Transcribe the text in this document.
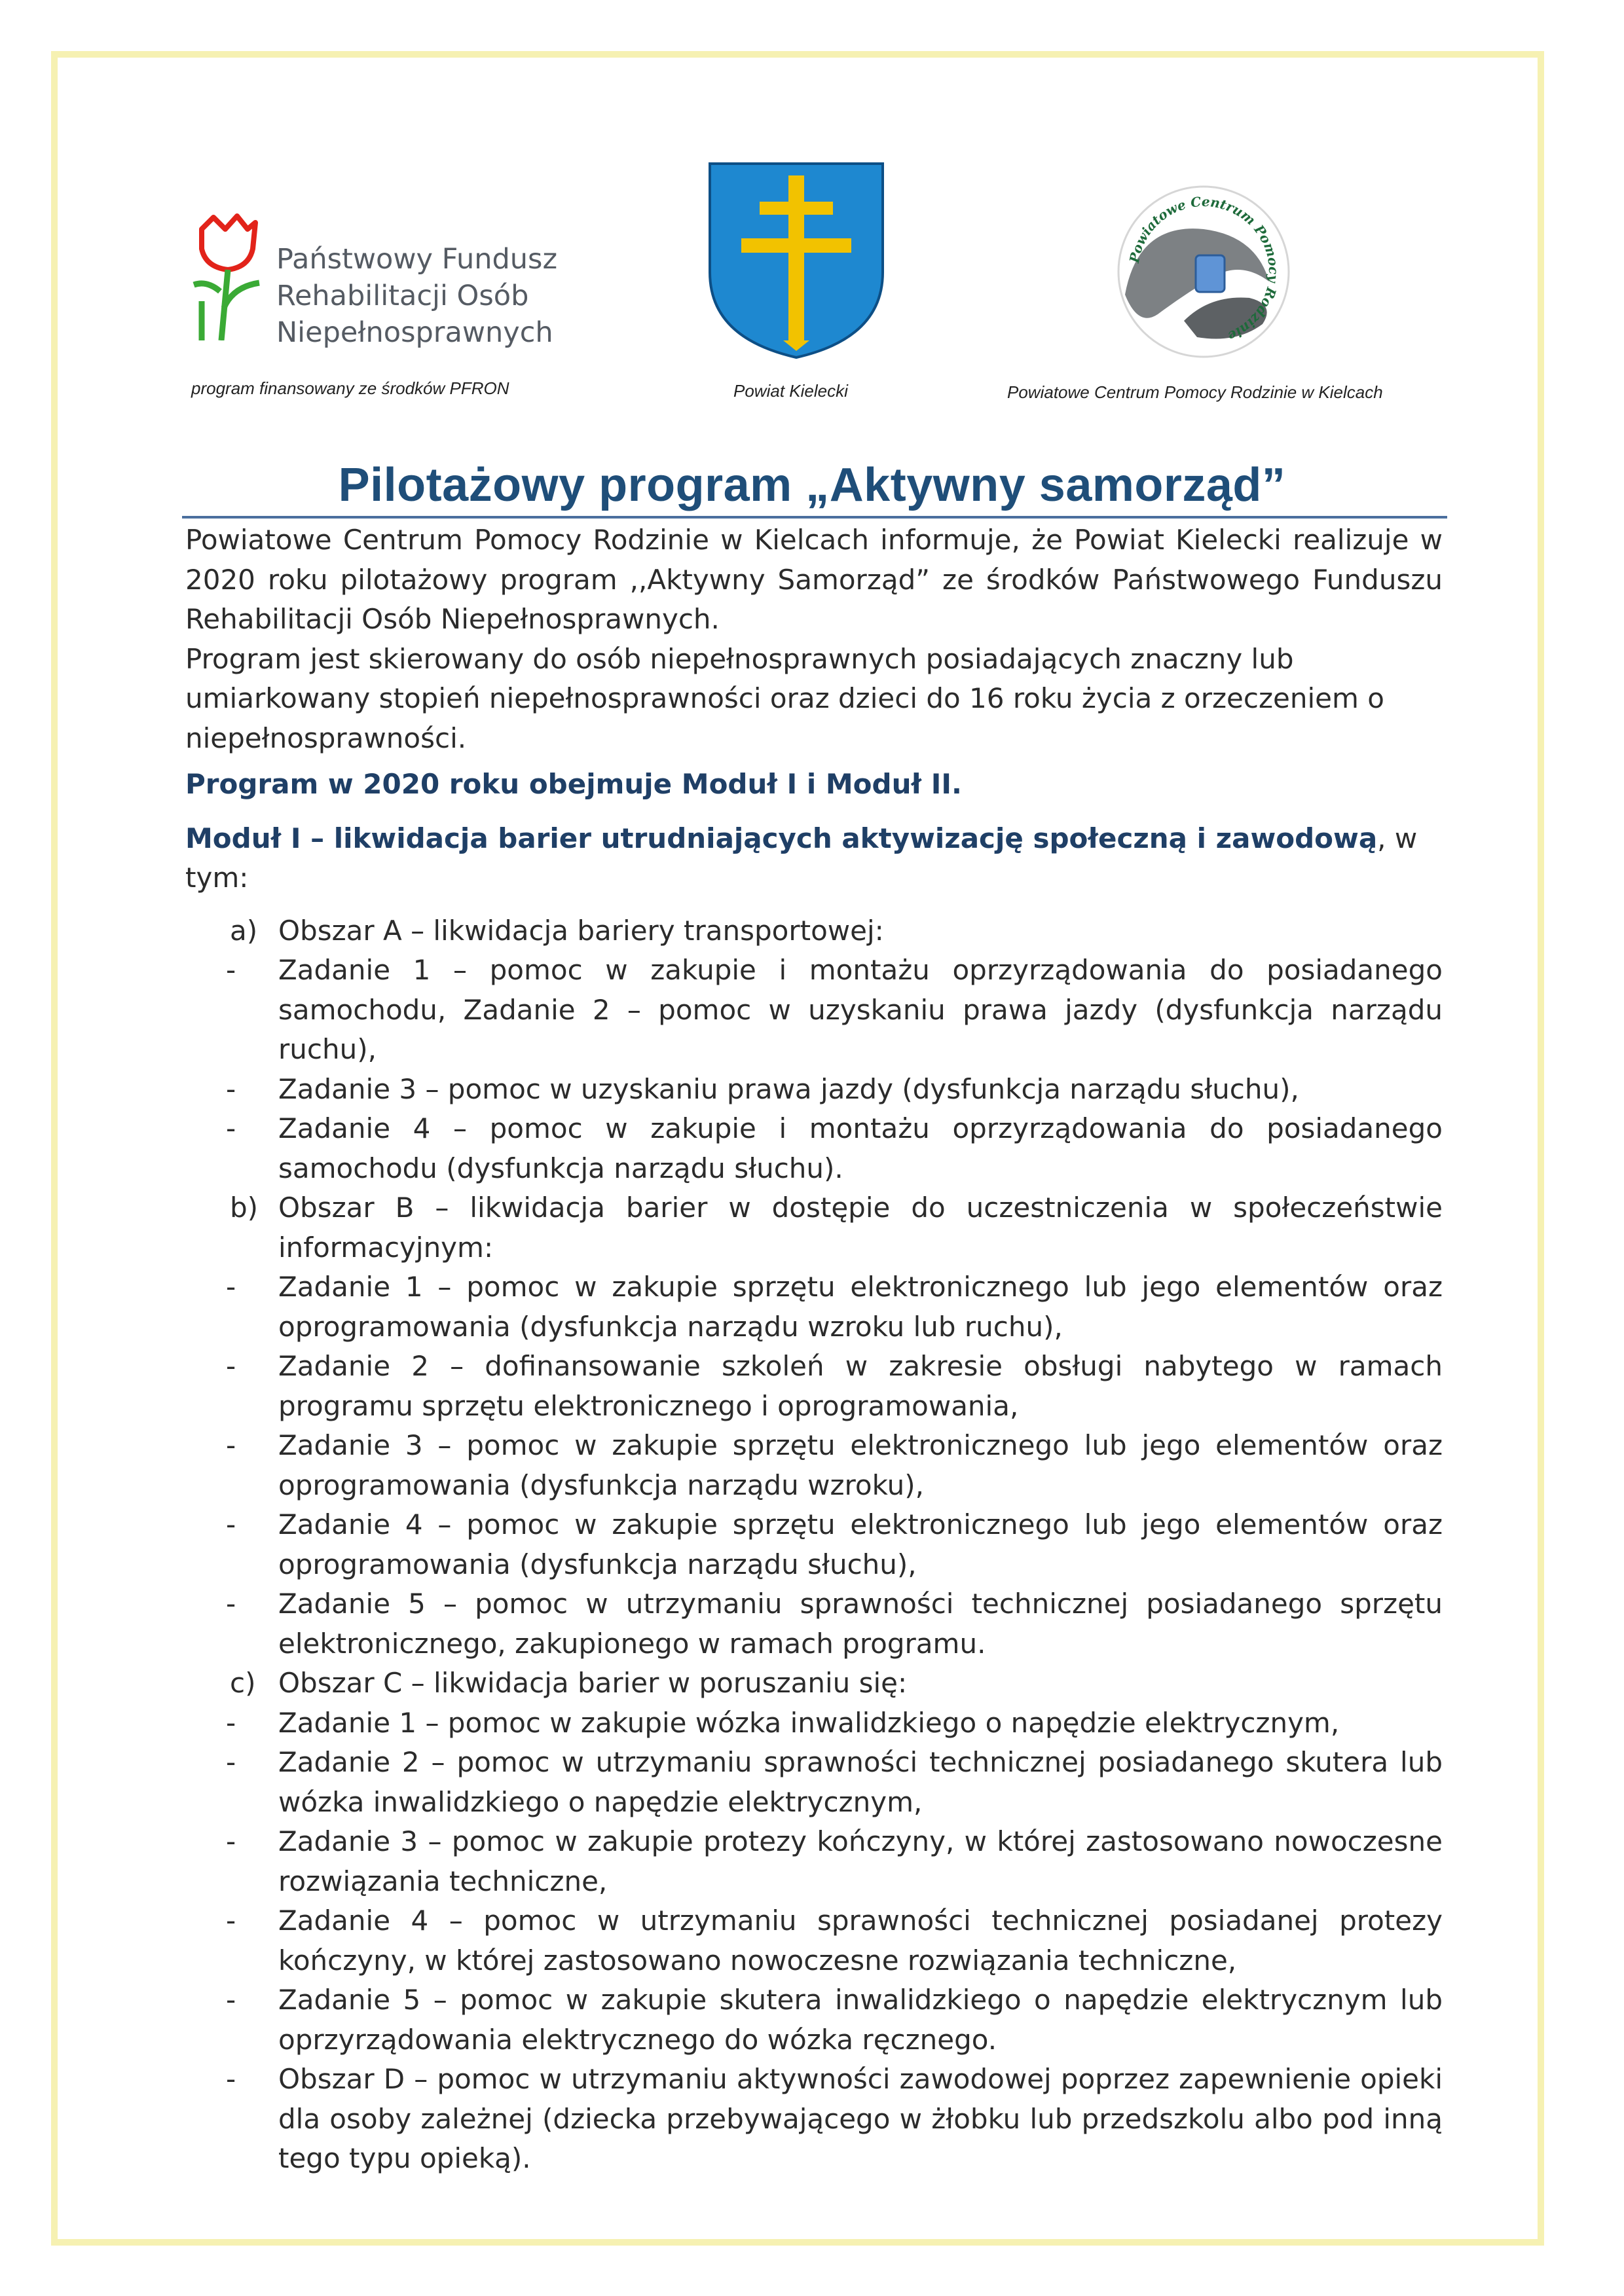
Państwowy Fundusz
Rehabilitacji Osób
Niepełnosprawnych
program finansowany ze środków PFRON	Powiat Kielecki
Powiatowe Centrum Pomocy Rodzinie
Powiatowe Centrum Pomocy Rodzinie w Kielcach
Pilotażowy program „Aktywny samorząd”

Powiatowe Centrum Pomocy Rodzinie w Kielcach informuje, że Powiat Kielecki realizuje w 2020 roku pilotażowy program ,,Aktywny Samorząd” ze środków Państwowego Funduszu Rehabilitacji Osób Niepełnosprawnych.

Program jest skierowany do osób niepełnosprawnych posiadających znaczny lub umiarkowany stopień niepełnosprawności oraz dzieci do 16 roku życia z orzeczeniem o niepełnosprawności.

Program w 2020 roku obejmuje Moduł I i Moduł II.

Moduł I – likwidacja barier utrudniających aktywizację społeczną i zawodową, w tym:

a) Obszar A – likwidacja bariery transportowej:
- Zadanie 1 – pomoc w zakupie i montażu oprzyrządowania do posiadanego samochodu, Zadanie 2 – pomoc w uzyskaniu prawa jazdy (dysfunkcja narządu ruchu),
- Zadanie 3 – pomoc w uzyskaniu prawa jazdy (dysfunkcja narządu słuchu),
- Zadanie 4 – pomoc w zakupie i montażu oprzyrządowania do posiadanego samochodu (dysfunkcja narządu słuchu).
b) Obszar B – likwidacja barier w dostępie do uczestniczenia w społeczeństwie informacyjnym:
- Zadanie 1 – pomoc w zakupie sprzętu elektronicznego lub jego elementów oraz oprogramowania (dysfunkcja narządu wzroku lub ruchu),
- Zadanie 2 – dofinansowanie szkoleń w zakresie obsługi nabytego w ramach programu sprzętu elektronicznego i oprogramowania,
- Zadanie 3 – pomoc w zakupie sprzętu elektronicznego lub jego elementów oraz oprogramowania (dysfunkcja narządu wzroku),
- Zadanie 4 – pomoc w zakupie sprzętu elektronicznego lub jego elementów oraz oprogramowania (dysfunkcja narządu słuchu),
- Zadanie 5 – pomoc w utrzymaniu sprawności technicznej posiadanego sprzętu elektronicznego, zakupionego w ramach programu.
c) Obszar C – likwidacja barier w poruszaniu się:
- Zadanie 1 – pomoc w zakupie wózka inwalidzkiego o napędzie elektrycznym,
- Zadanie 2 – pomoc w utrzymaniu sprawności technicznej posiadanego skutera lub wózka inwalidzkiego o napędzie elektrycznym,
- Zadanie 3 – pomoc w zakupie protezy kończyny, w której zastosowano nowoczesne rozwiązania techniczne,
- Zadanie 4 – pomoc w utrzymaniu sprawności technicznej posiadanej protezy kończyny, w której zastosowano nowoczesne rozwiązania techniczne,
- Zadanie 5 – pomoc w zakupie skutera inwalidzkiego o napędzie elektrycznym lub oprzyrządowania elektrycznego do wózka ręcznego.
- Obszar D – pomoc w utrzymaniu aktywności zawodowej poprzez zapewnienie opieki dla osoby zależnej (dziecka przebywającego w żłobku lub przedszkolu albo pod inną tego typu opieką).
